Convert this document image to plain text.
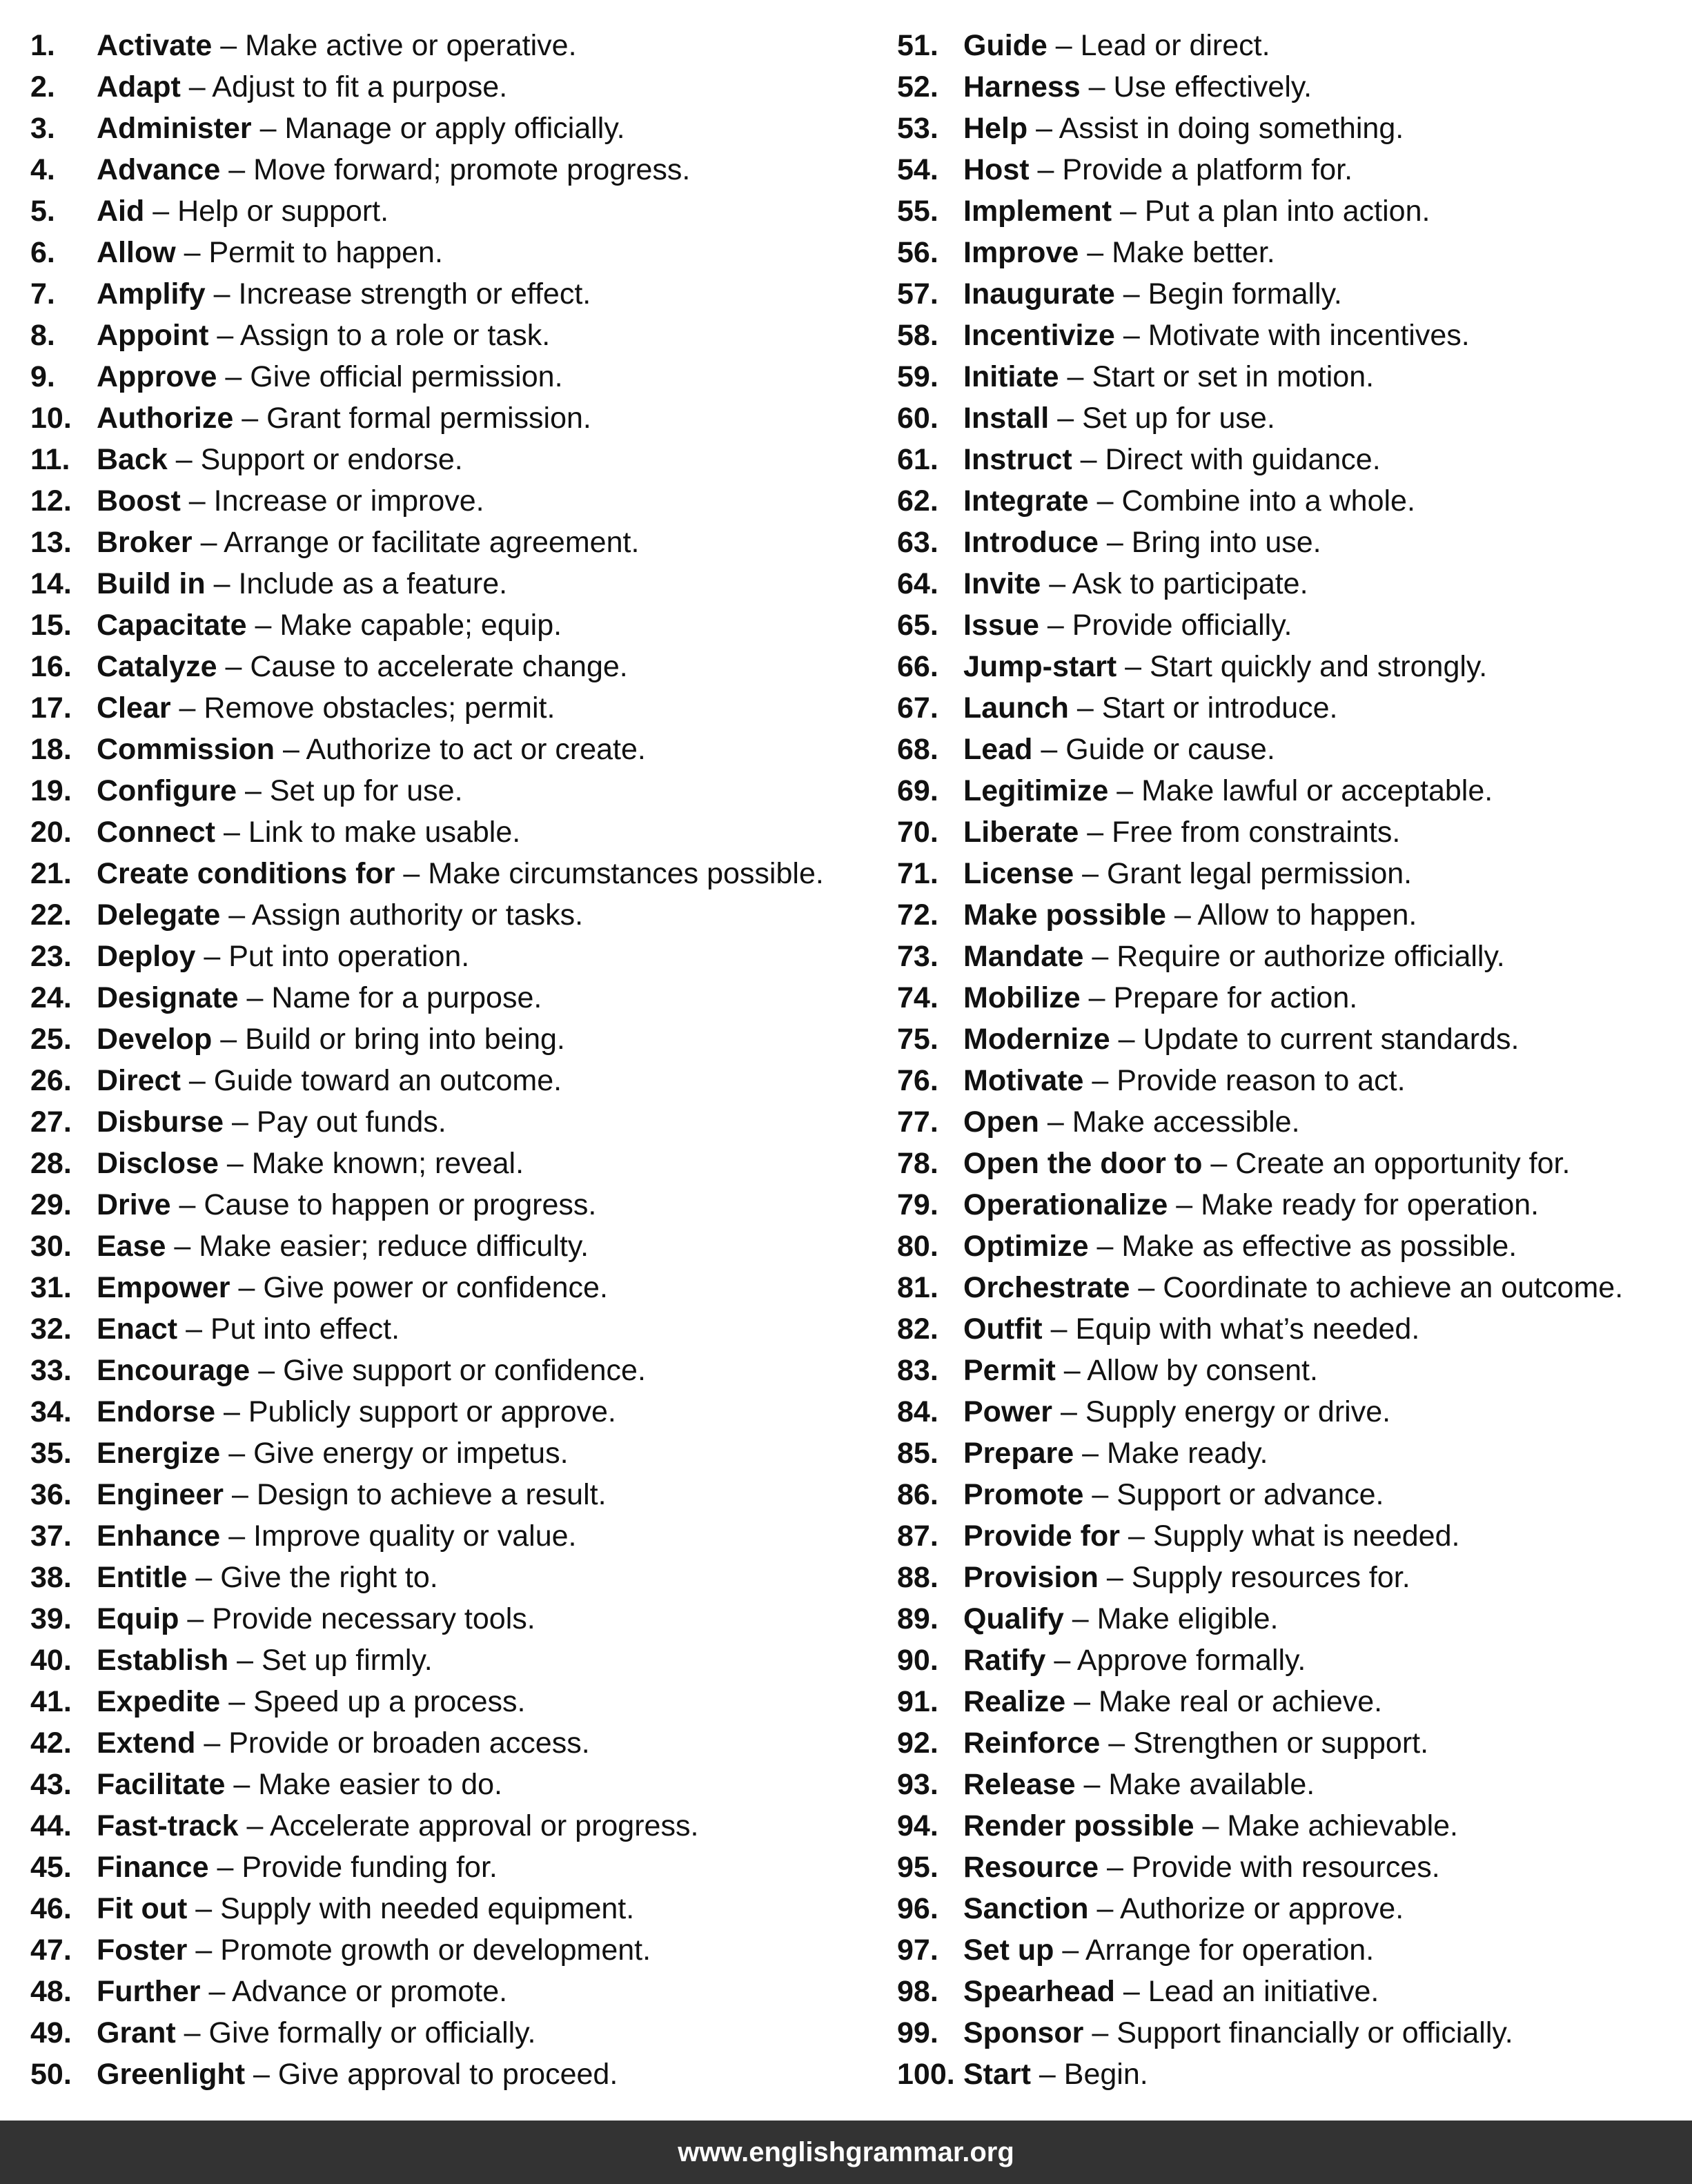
1. Activate – Make active or operative.
2. Adapt – Adjust to fit a purpose.
3. Administer – Manage or apply officially.
4. Advance – Move forward; promote progress.
5. Aid – Help or support.
6. Allow – Permit to happen.
7. Amplify – Increase strength or effect.
8. Appoint – Assign to a role or task.
9. Approve – Give official permission.
10. Authorize – Grant formal permission.
11. Back – Support or endorse.
12. Boost – Increase or improve.
13. Broker – Arrange or facilitate agreement.
14. Build in – Include as a feature.
15. Capacitate – Make capable; equip.
16. Catalyze – Cause to accelerate change.
17. Clear – Remove obstacles; permit.
18. Commission – Authorize to act or create.
19. Configure – Set up for use.
20. Connect – Link to make usable.
21. Create conditions for – Make circumstances possible.
22. Delegate – Assign authority or tasks.
23. Deploy – Put into operation.
24. Designate – Name for a purpose.
25. Develop – Build or bring into being.
26. Direct – Guide toward an outcome.
27. Disburse – Pay out funds.
28. Disclose – Make known; reveal.
29. Drive – Cause to happen or progress.
30. Ease – Make easier; reduce difficulty.
31. Empower – Give power or confidence.
32. Enact – Put into effect.
33. Encourage – Give support or confidence.
34. Endorse – Publicly support or approve.
35. Energize – Give energy or impetus.
36. Engineer – Design to achieve a result.
37. Enhance – Improve quality or value.
38. Entitle – Give the right to.
39. Equip – Provide necessary tools.
40. Establish – Set up firmly.
41. Expedite – Speed up a process.
42. Extend – Provide or broaden access.
43. Facilitate – Make easier to do.
44. Fast-track – Accelerate approval or progress.
45. Finance – Provide funding for.
46. Fit out – Supply with needed equipment.
47. Foster – Promote growth or development.
48. Further – Advance or promote.
49. Grant – Give formally or officially.
50. Greenlight – Give approval to proceed.
51. Guide – Lead or direct.
52. Harness – Use effectively.
53. Help – Assist in doing something.
54. Host – Provide a platform for.
55. Implement – Put a plan into action.
56. Improve – Make better.
57. Inaugurate – Begin formally.
58. Incentivize – Motivate with incentives.
59. Initiate – Start or set in motion.
60. Install – Set up for use.
61. Instruct – Direct with guidance.
62. Integrate – Combine into a whole.
63. Introduce – Bring into use.
64. Invite – Ask to participate.
65. Issue – Provide officially.
66. Jump-start – Start quickly and strongly.
67. Launch – Start or introduce.
68. Lead – Guide or cause.
69. Legitimize – Make lawful or acceptable.
70. Liberate – Free from constraints.
71. License – Grant legal permission.
72. Make possible – Allow to happen.
73. Mandate – Require or authorize officially.
74. Mobilize – Prepare for action.
75. Modernize – Update to current standards.
76. Motivate – Provide reason to act.
77. Open – Make accessible.
78. Open the door to – Create an opportunity for.
79. Operationalize – Make ready for operation.
80. Optimize – Make as effective as possible.
81. Orchestrate – Coordinate to achieve an outcome.
82. Outfit – Equip with what’s needed.
83. Permit – Allow by consent.
84. Power – Supply energy or drive.
85. Prepare – Make ready.
86. Promote – Support or advance.
87. Provide for – Supply what is needed.
88. Provision – Supply resources for.
89. Qualify – Make eligible.
90. Ratify – Approve formally.
91. Realize – Make real or achieve.
92. Reinforce – Strengthen or support.
93. Release – Make available.
94. Render possible – Make achievable.
95. Resource – Provide with resources.
96. Sanction – Authorize or approve.
97. Set up – Arrange for operation.
98. Spearhead – Lead an initiative.
99. Sponsor – Support financially or officially.
100. Start – Begin.
www.englishgrammar.org
